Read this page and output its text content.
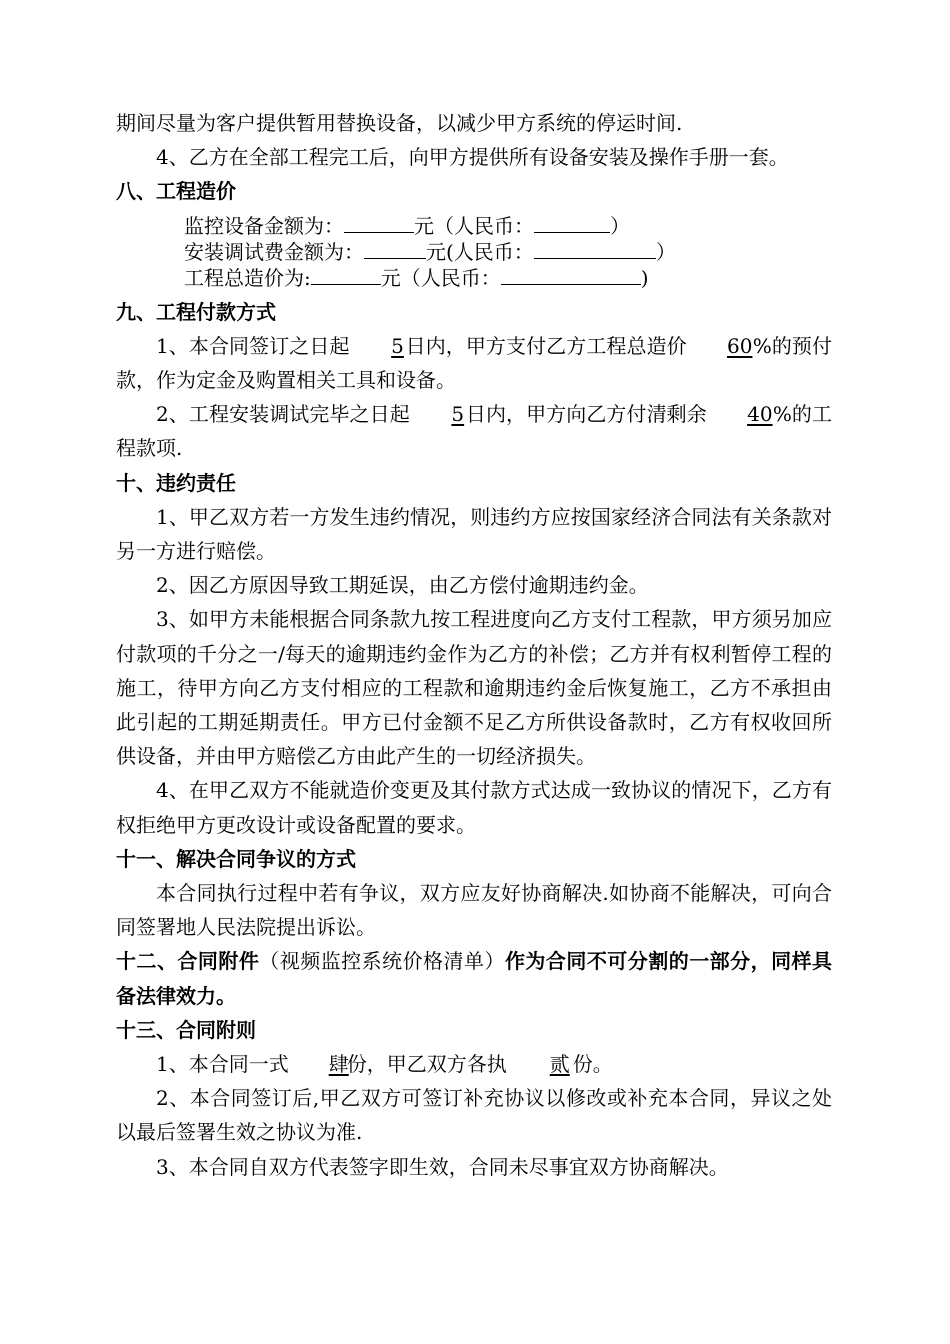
期间尽量为客户提供暂用替换设备，以减少甲方系统的停运时间.

4、乙方在全部工程完工后，向甲方提供所有设备安装及操作手册一套。

八、工程造价

监控设备金额为：	元（人民币：	）

安装调试费金额为：	元(人民币：	）

工程总造价为:	元（人民币：	)

九、工程付款方式

1、本合同签订之日起 5日内，甲方支付乙方工程总造价 60%的预付款，作为定金及购置相关工具和设备。

2、工程安装调试完毕之日起 5日内，甲方向乙方付清剩余 40%的工程款项.

十、违约责任

1、甲乙双方若一方发生违约情况，则违约方应按国家经济合同法有关条款对另一方进行赔偿。

2、因乙方原因导致工期延误，由乙方偿付逾期违约金。

3、如甲方未能根据合同条款九按工程进度向乙方支付工程款，甲方须另加应付款项的千分之一/每天的逾期违约金作为乙方的补偿；乙方并有权利暂停工程的施工，待甲方向乙方支付相应的工程款和逾期违约金后恢复施工，乙方不承担由此引起的工期延期责任。甲方已付金额不足乙方所供设备款时，乙方有权收回所供设备，并由甲方赔偿乙方由此产生的一切经济损失。

4、在甲乙双方不能就造价变更及其付款方式达成一致协议的情况下，乙方有权拒绝甲方更改设计或设备配置的要求。

十一、解决合同争议的方式

本合同执行过程中若有争议，双方应友好协商解决.如协商不能解决，可向合同签署地人民法院提出诉讼。

十二、合同附件（视频监控系统价格清单）作为合同不可分割的一部分，同样具备法律效力。

十三、合同附则

1、本合同一式 肆份，甲乙双方各执 贰 份。

2、本合同签订后,甲乙双方可签订补充协议以修改或补充本合同，异议之处以最后签署生效之协议为准.

3、本合同自双方代表签字即生效，合同未尽事宜双方协商解决。
